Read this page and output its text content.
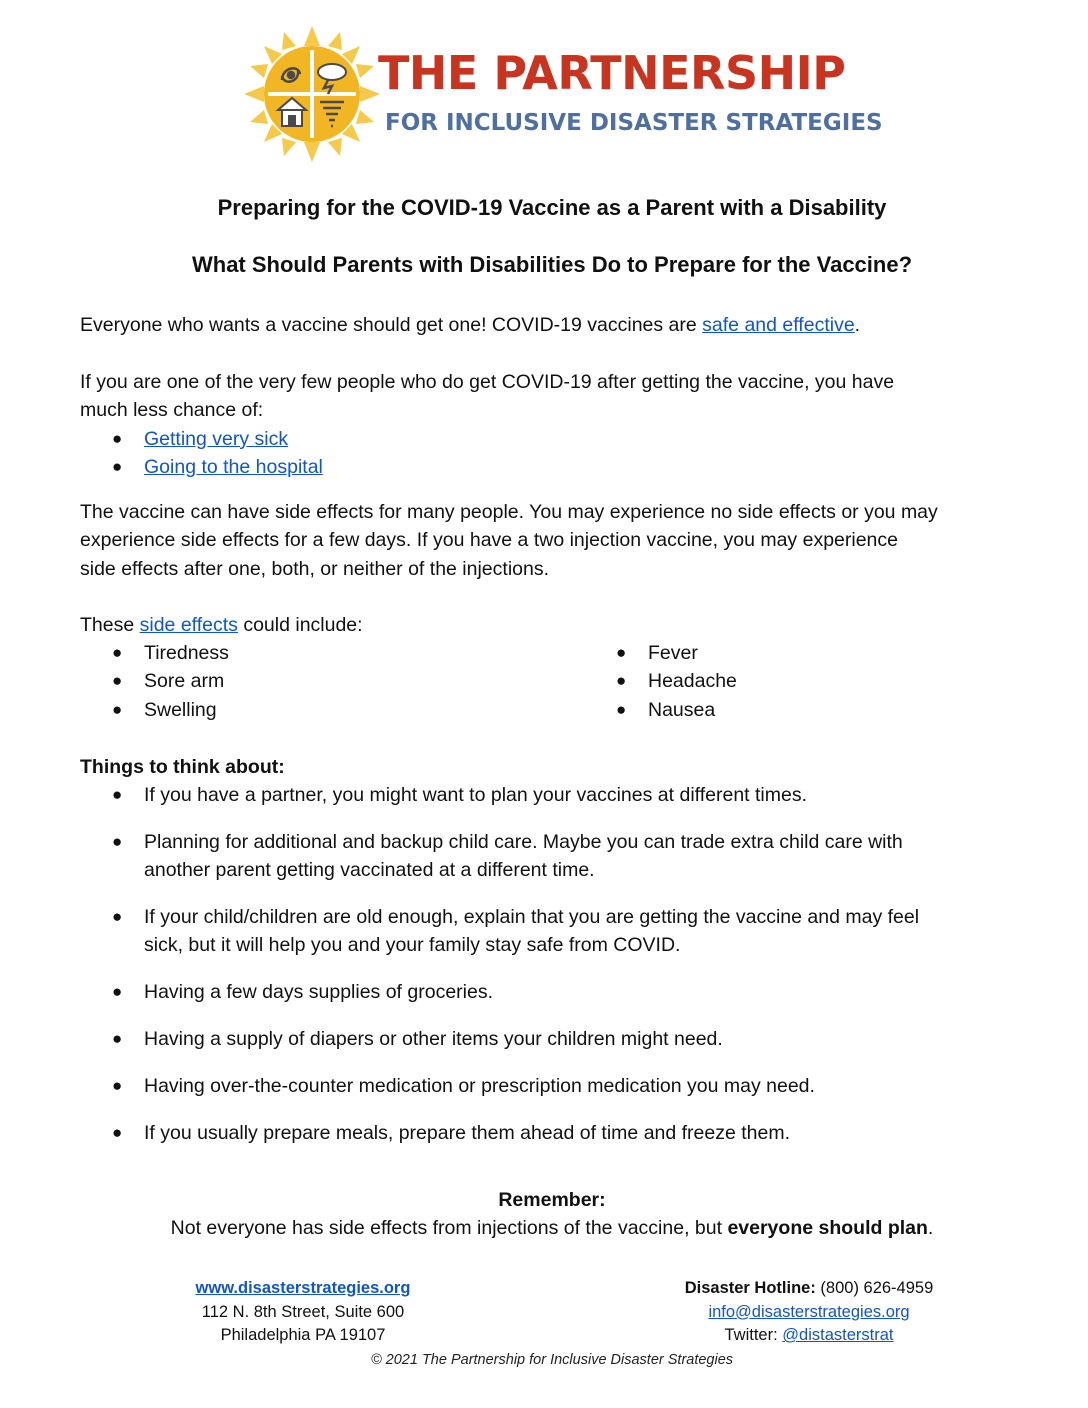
THE PARTNERSHIP

FOR INCLUSIVE DISASTER STRATEGIES

Preparing for the COVID-19 Vaccine as a Parent with a Disability
What Should Parents with Disabilities Do to Prepare for the Vaccine?

Everyone who wants a vaccine should get one! COVID-19 vaccines are safe and effective.

If you are one of the very few people who do get COVID-19 after getting the vaccine, you have
much less chance of:

● Getting very sick
● Going to the hospital

The vaccine can have side effects for many people. You may experience no side effects or you may
experience side effects for a few days. If you have a two injection vaccine, you may experience
side effects after one, both, or neither of the injections.

These side effects could include:

● Tiredness
● Sore arm
● Swelling
● Fever
● Headache
● Nausea

Things to think about:

● If you have a partner, you might want to plan your vaccines at different times.
● Planning for additional and backup child care. Maybe you can trade extra child care with
another parent getting vaccinated at a different time.
● If your child/children are old enough, explain that you are getting the vaccine and may feel
sick, but it will help you and your family stay safe from COVID.
● Having a few days supplies of groceries.
● Having a supply of diapers or other items your children might need.
● Having over-the-counter medication or prescription medication you may need.
● If you usually prepare meals, prepare them ahead of time and freeze them.

Remember:

Not everyone has side effects from injections of the vaccine, but everyone should plan.

www.disasterstrategies.org
112 N. 8th Street, Suite 600
Philadelphia PA 19107
Disaster Hotline: (800) 626-4959
info@disasterstrategies.org
Twitter: @distasterstrat
© 2021 The Partnership for Inclusive Disaster Strategies
